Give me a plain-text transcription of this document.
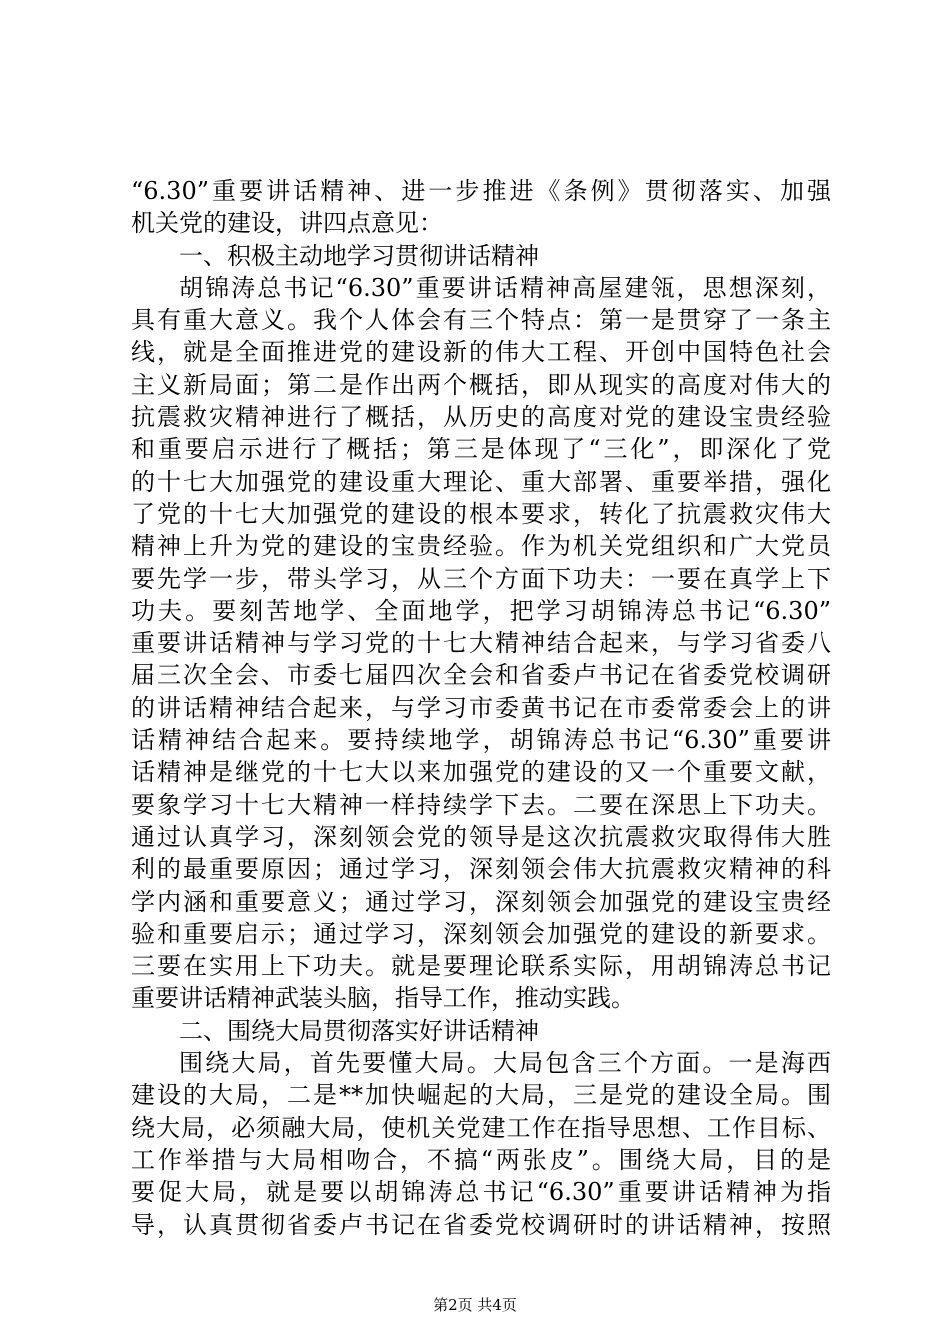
“6.30”重要讲话精神、进一步推进《条例》贯彻落实、加强
机关党的建设，讲四点意见：
一、积极主动地学习贯彻讲话精神
胡锦涛总书记“6.30”重要讲话精神高屋建瓴，思想深刻，
具有重大意义。我个人体会有三个特点：第一是贯穿了一条主
线，就是全面推进党的建设新的伟大工程、开创中国特色社会
主义新局面；第二是作出两个概括，即从现实的高度对伟大的
抗震救灾精神进行了概括，从历史的高度对党的建设宝贵经验
和重要启示进行了概括；第三是体现了“三化”，即深化了党
的十七大加强党的建设重大理论、重大部署、重要举措，强化
了党的十七大加强党的建设的根本要求，转化了抗震救灾伟大
精神上升为党的建设的宝贵经验。作为机关党组织和广大党员
要先学一步，带头学习，从三个方面下功夫：一要在真学上下
功夫。要刻苦地学、全面地学，把学习胡锦涛总书记“6.30”
重要讲话精神与学习党的十七大精神结合起来，与学习省委八
届三次全会、市委七届四次全会和省委卢书记在省委党校调研
的讲话精神结合起来，与学习市委黄书记在市委常委会上的讲
话精神结合起来。要持续地学，胡锦涛总书记“6.30”重要讲
话精神是继党的十七大以来加强党的建设的又一个重要文献，
要象学习十七大精神一样持续学下去。二要在深思上下功夫。
通过认真学习，深刻领会党的领导是这次抗震救灾取得伟大胜
利的最重要原因；通过学习，深刻领会伟大抗震救灾精神的科
学内涵和重要意义；通过学习，深刻领会加强党的建设宝贵经
验和重要启示；通过学习，深刻领会加强党的建设的新要求。
三要在实用上下功夫。就是要理论联系实际，用胡锦涛总书记
重要讲话精神武装头脑，指导工作，推动实践。
二、围绕大局贯彻落实好讲话精神
围绕大局，首先要懂大局。大局包含三个方面。一是海西
建设的大局，二是**加快崛起的大局，三是党的建设全局。围
绕大局，必须融大局，使机关党建工作在指导思想、工作目标、
工作举措与大局相吻合，不搞“两张皮”。围绕大局，目的是
要促大局，就是要以胡锦涛总书记“6.30”重要讲话精神为指
导，认真贯彻省委卢书记在省委党校调研时的讲话精神，按照
第2页 共4页
